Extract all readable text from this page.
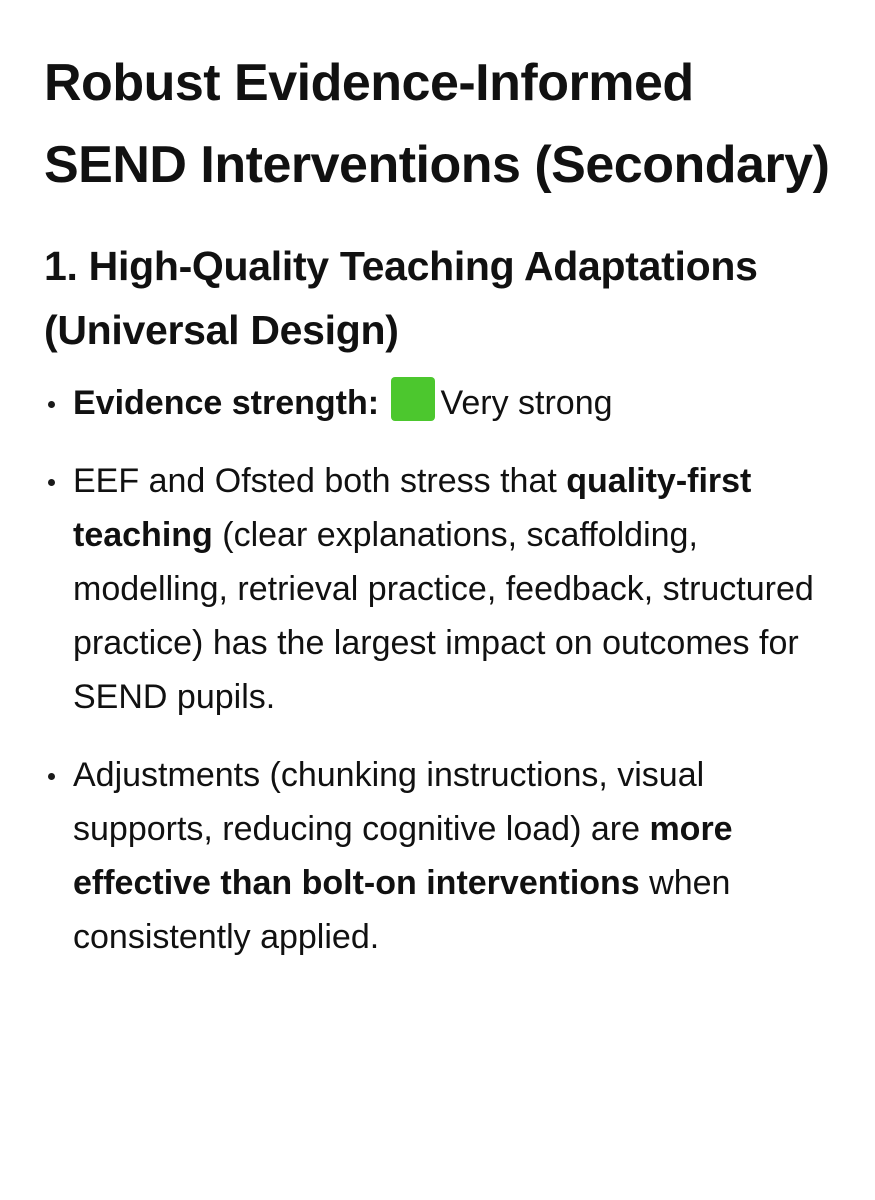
Robust Evidence-Informed SEND Interventions (Secondary)
1. High-Quality Teaching Adaptations (Universal Design)
Evidence strength: Very strong
EEF and Ofsted both stress that quality-first teaching (clear explanations, scaffolding, modelling, retrieval practice, feedback, structured practice) has the largest impact on outcomes for SEND pupils.
Adjustments (chunking instructions, visual supports, reducing cognitive load) are more effective than bolt-on interventions when consistently applied.
